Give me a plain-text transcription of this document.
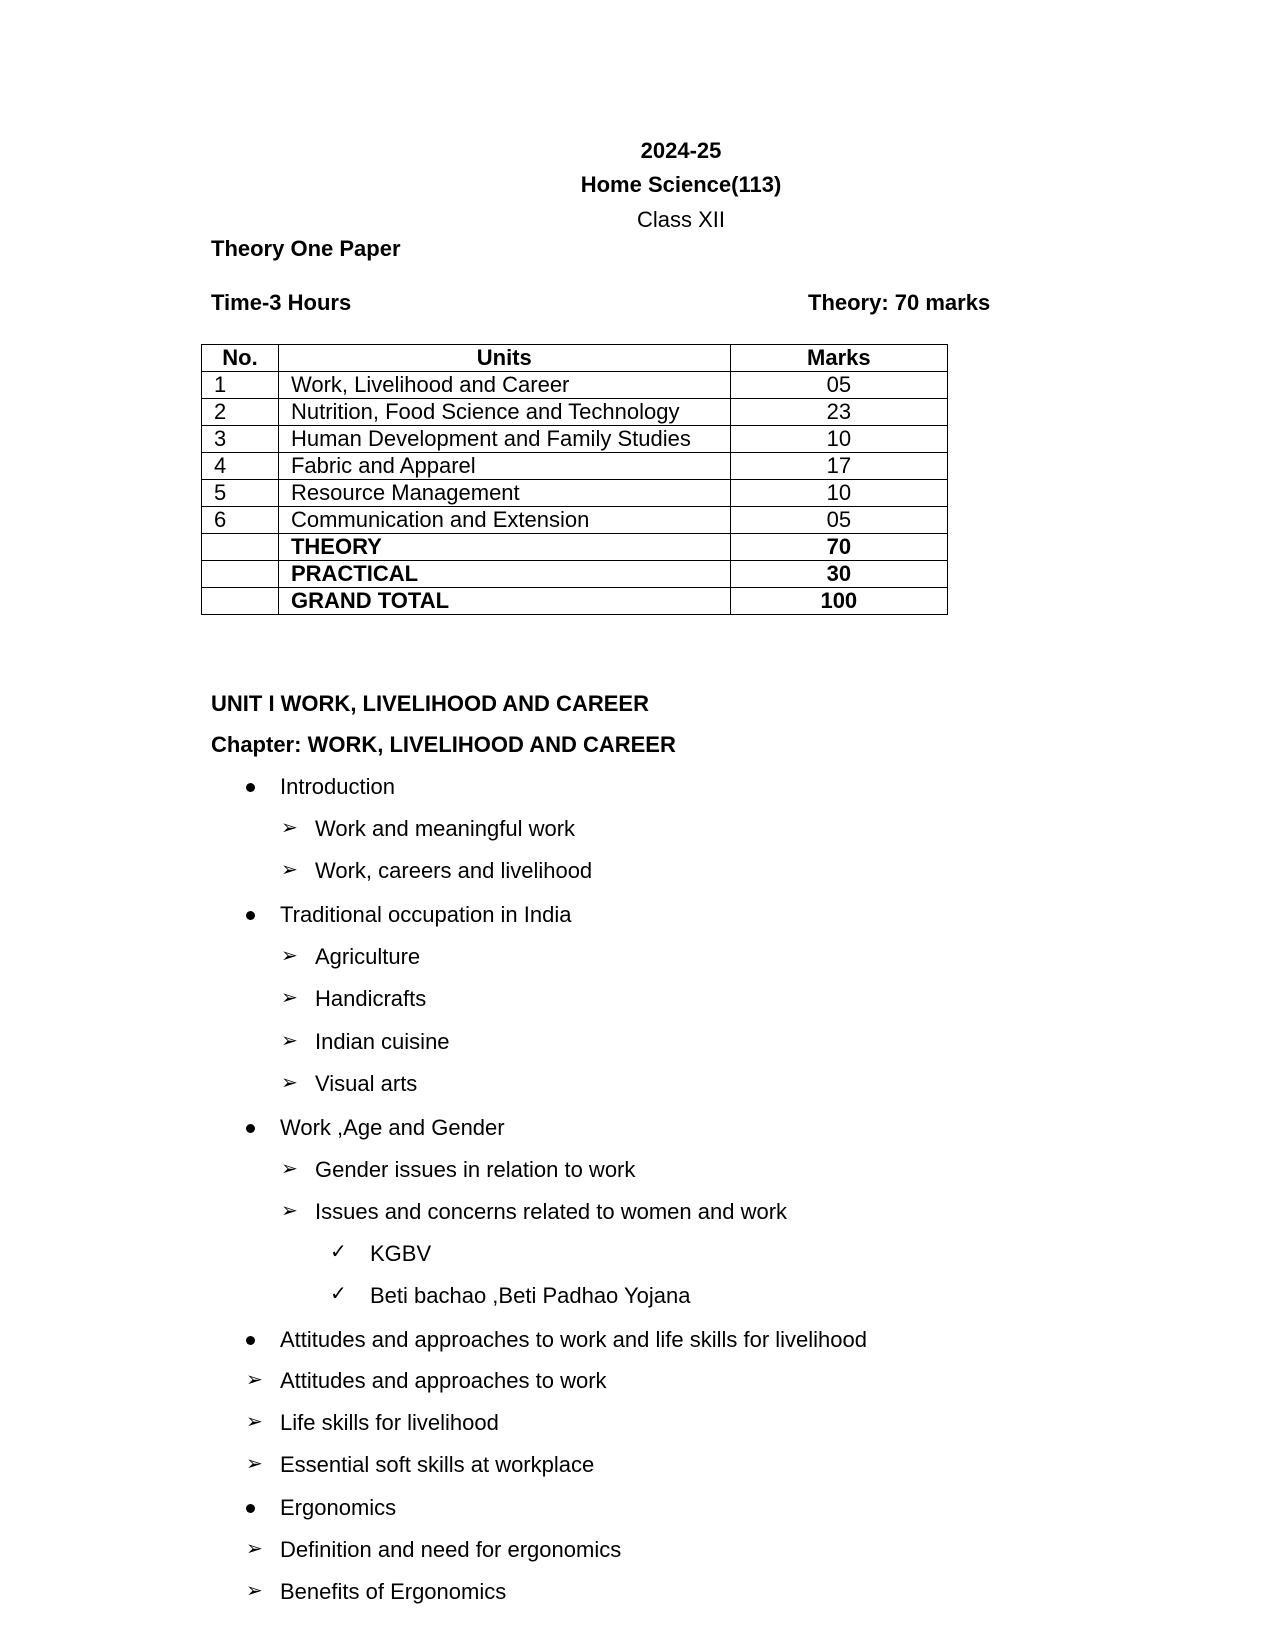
2024-25
Home Science(113)
Class XII
Theory One Paper
Time-3 Hours	Theory: 70 marks
No.	Units	Marks
1	Work, Livelihood and Career	05
2	Nutrition, Food Science and Technology	23
3	Human Development and Family Studies	10
4	Fabric and Apparel	17
5	Resource Management	10
6	Communication and Extension	05
	THEORY	70
	PRACTICAL	30
	GRAND TOTAL	100
UNIT I WORK, LIVELIHOOD AND CAREER
Chapter: WORK, LIVELIHOOD AND CAREER
Introduction
➢ Work and meaningful work
➢ Work, careers and livelihood
Traditional occupation in India
➢ Agriculture
➢ Handicrafts
➢ Indian cuisine
➢ Visual arts
Work ,Age and Gender
➢ Gender issues in relation to work
➢ Issues and concerns related to women and work
✓ KGBV
✓ Beti bachao ,Beti Padhao Yojana
Attitudes and approaches to work and life skills for livelihood
➢ Attitudes and approaches to work
➢ Life skills for livelihood
➢ Essential soft skills at workplace
Ergonomics
➢ Definition and need for ergonomics
➢ Benefits of Ergonomics
